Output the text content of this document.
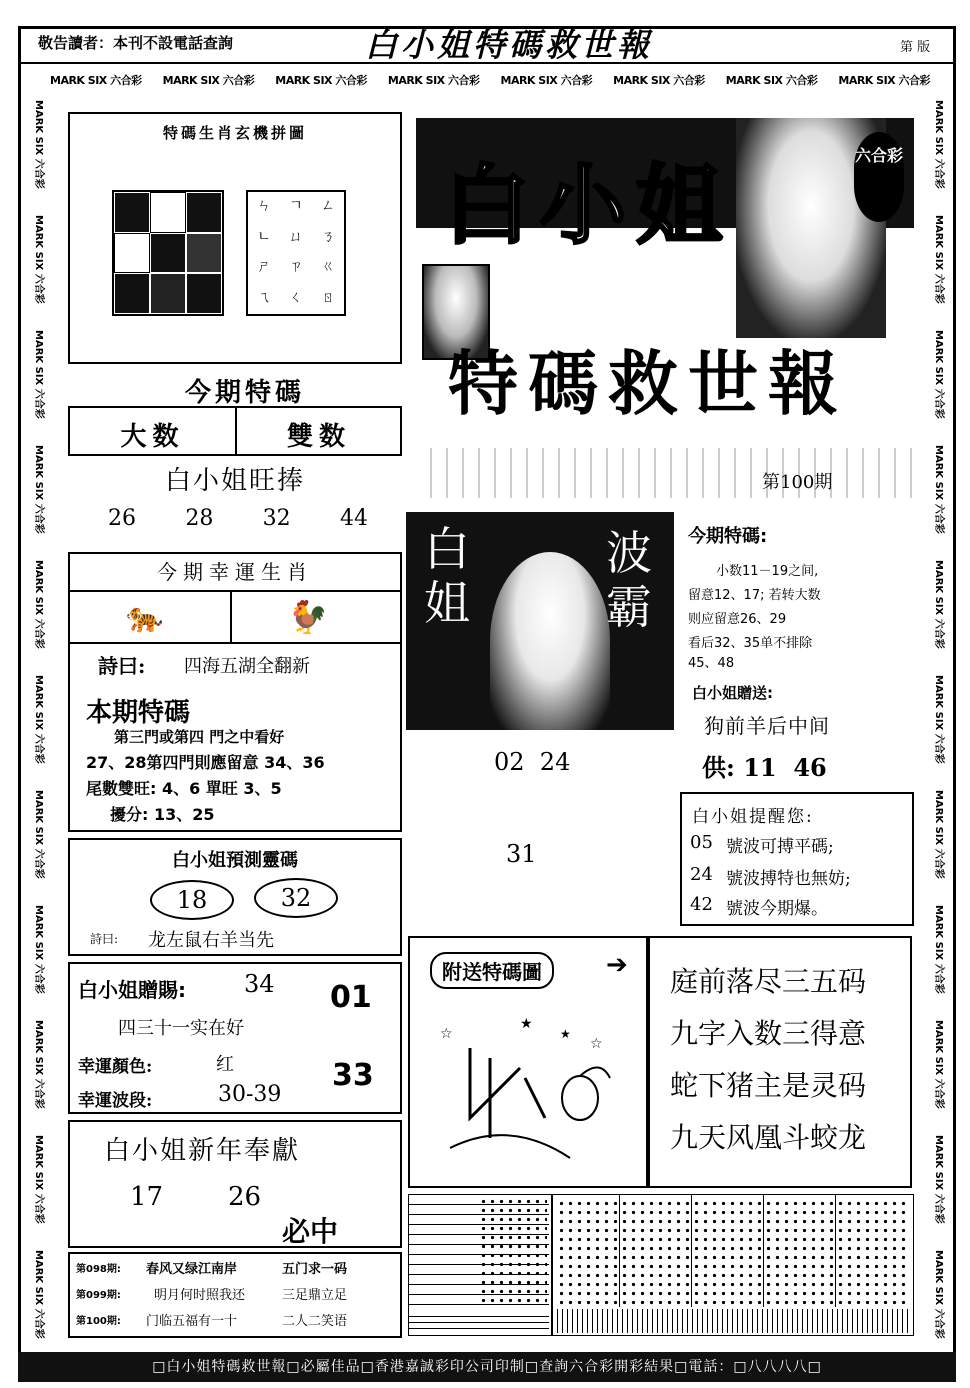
敬告讀者：本刊不設電話查詢	白小姐特碼救世報	第 版
MARK SIX 六合彩 MARK SIX 六合彩 MARK SIX 六合彩 MARK SIX 六合彩 MARK SIX 六合彩 MARK SIX 六合彩 MARK SIX 六合彩 MARK SIX 六合彩
MARK SIX 六合彩
MARK SIX 六合彩
MARK SIX 六合彩
MARK SIX 六合彩
MARK SIX 六合彩
MARK SIX 六合彩
MARK SIX 六合彩
MARK SIX 六合彩
MARK SIX 六合彩
MARK SIX 六合彩
MARK SIX 六合彩
MARK SIX 六合彩
MARK SIX 六合彩
MARK SIX 六合彩
MARK SIX 六合彩
MARK SIX 六合彩
MARK SIX 六合彩
MARK SIX 六合彩
MARK SIX 六合彩
MARK SIX 六合彩
MARK SIX 六合彩
MARK SIX 六合彩
特碼生肖玄機拼圖
ㄣ	ㄱ	ㄥ
ㄴ	ㄩ	ㄋ
ㄕ	ㄗ	ㄍ
ㄟ	ㄑ	ㄖ
今期特碼
大数	雙数
白小姐旺捧
26 28 32 44
今期幸運生肖
🐅	🐓
詩曰: 四海五湖全翻新
本期特碼
第三門或第四 門之中看好
27、28第四門則應留意 34、36
尾數雙旺: 4、6 單旺 3、5
擾分: 13、25
白小姐預測靈碼
18	32
詩曰: 龙左鼠右羊当先
白小姐贈賜: 34 01
四三十一实在好
33
幸運顏色:	红
幸運波段:	30-39
白小姐新年奉獻
17 26
必中
第098期: 春风又绿江南岸	五门求一码
第099期:	明月何时照我还	三足鼎立足
第100期: 门临五福有一十	二人二笑语
六合彩
白小姐
特碼救世報
第100期
白姐
波霸
02  24
31
今期特碼:
小数11－19之间,
留意12、17; 若转大数
则应留意26、29
看后32、35单不排除
45、48
白小姐贈送:
狗前羊后中间
供: 11  46
白小姐提醒您:
05 號波可搏平碼;
24 號波搏特也無妨;
42 號波今期爆。
附送特碼圖	➔
☆
★
☆
★
庭前落尽三五码
九字入数三得意
蛇下猪主是灵码
九天风凰斗蛟龙
□白小姐特碼救世報□必屬佳品□香港嘉誠彩印公司印制□查詢六合彩開彩結果□電話：□八八八八□
